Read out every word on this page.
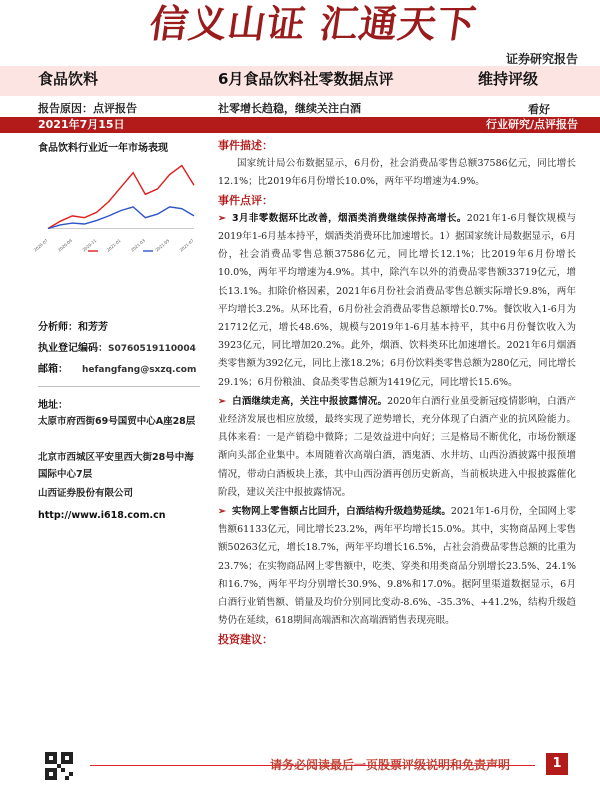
信义山证 汇通天下
证券研究报告
食品饮料	6月食品饮料社零数据点评	维持评级
报告原因：点评报告	社零增长趋稳，继续关注白酒	看好
2021年7月15日	行业研究/点评报告
食品饮料行业近一年市场表现
2020-07 2020-09 2020-11 2021-01 2021-03 2021-05 2021-07
分析师：和芳芳
执业登记编码：S0760519110004
邮箱： hefangfang@sxzq.com
地址：
太原市府西街69号国贸中心A座28层
北京市西城区平安里西大街28号中海国际中心7层
山西证券股份有限公司
http://www.i618.com.cn
事件描述：

国家统计局公布数据显示，6月份，社会消费品零售总额37586亿元，同比增长12.1%；比2019年6月份增长10.0%，两年平均增速为4.9%。

事件点评：

➢ 3月非零数据环比改善，烟酒类消费继续保持高增长。2021年1-6月餐饮规模与2019年1-6月基本持平，烟酒类消费环比加速增长。1）据国家统计局数据显示，6月份，社会消费品零售总额37586亿元，同比增长12.1%；比2019年6月份增长10.0%，两年平均增速为4.9%。其中，除汽车以外的消费品零售额33719亿元，增长13.1%。扣除价格因素，2021年6月份社会消费品零售总额实际增长9.8%，两年平均增长3.2%。从环比看，6月份社会消费品零售总额增长0.7%。餐饮收入1-6月为21712亿元，增长48.6%，规模与2019年1-6月基本持平，其中6月份餐饮收入为3923亿元，同比增加20.2%。此外，烟酒、饮料类环比加速增长。2021年6月烟酒类零售额为392亿元，同比上涨18.2%；6月份饮料类零售总额为280亿元，同比增长29.1%；6月份粮油、食品类零售总额为1419亿元，同比增长15.6%。

➢ 白酒继续走高，关注中报披露情况。2020年白酒行业虽受新冠疫情影响，白酒产业经济发展也相应放缓，最终实现了逆势增长，充分体现了白酒产业的抗风险能力。具体来看：一是产销稳中微降；二是效益进中向好；三是格局不断优化，市场份额逐渐向头部企业集中。本周随着次高端白酒，酒鬼酒、水井坊、山西汾酒披露中报预增情况，带动白酒板块上涨，其中山西汾酒再创历史新高，当前板块进入中报披露催化阶段，建议关注中报披露情况。

➢ 实物网上零售额占比回升，白酒结构升级趋势延续。2021年1-6月份，全国网上零售额61133亿元，同比增长23.2%，两年平均增长15.0%。其中，实物商品网上零售额50263亿元，增长18.7%，两年平均增长16.5%，占社会消费品零售总额的比重为23.7%；在实物商品网上零售额中，吃类、穿类和用类商品分别增长23.5%、24.1%和16.7%，两年平均分别增长30.9%、9.8%和17.0%。据阿里渠道数据显示，6月白酒行业销售额、销量及均价分别同比变动-8.6%、-35.3%、+41.2%，结构升级趋势仍在延续，618期间高端酒和次高端酒销售表现亮眼。

投资建议：
请务必阅读最后一页股票评级说明和免责声明	1
